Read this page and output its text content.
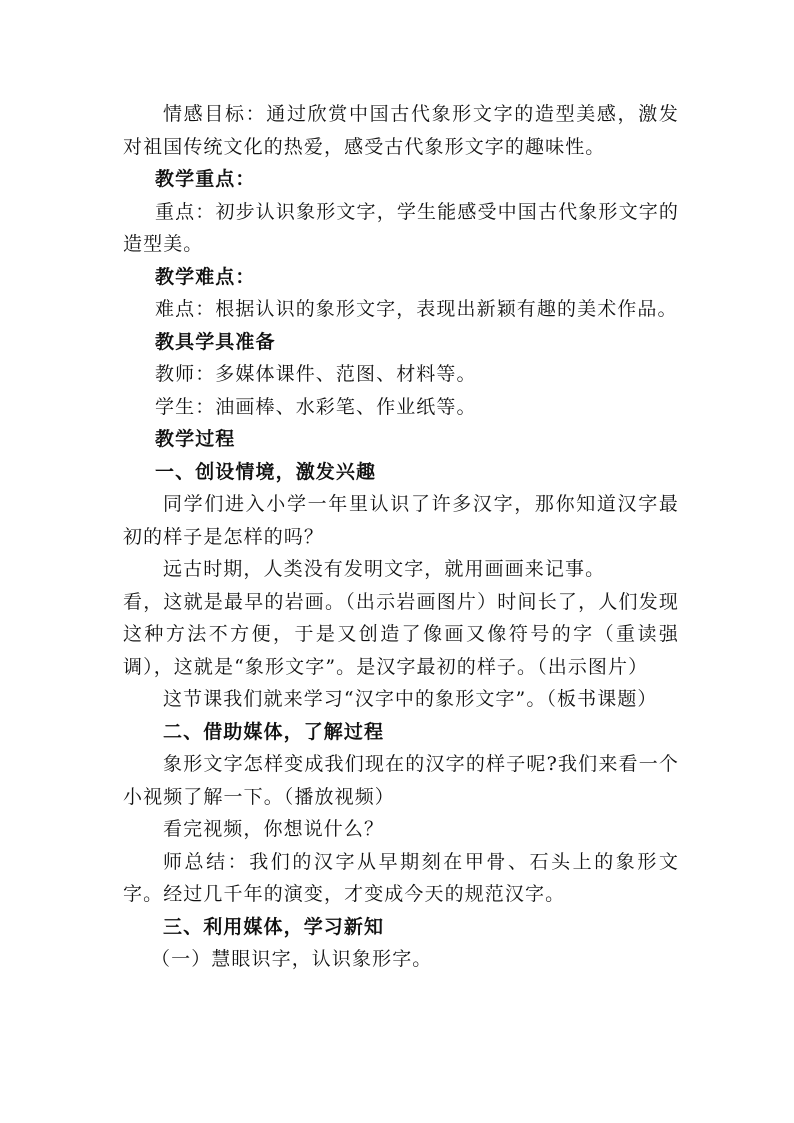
情感目标：通过欣赏中国古代象形文字的造型美感，激发对祖国传统文化的热爱，感受古代象形文字的趣味性。

教学重点：

重点：初步认识象形文字，学生能感受中国古代象形文字的造型美。

教学难点：

难点：根据认识的象形文字，表现出新颖有趣的美术作品。

教具学具准备

教师：多媒体课件、范图、材料等。

学生：油画棒、水彩笔、作业纸等。

教学过程

一、创设情境，激发兴趣

同学们进入小学一年里认识了许多汉字，那你知道汉字最初的样子是怎样的吗？

远古时期，人类没有发明文字，就用画画来记事。

看，这就是最早的岩画。（出示岩画图片）时间长了，人们发现这种方法不方便，于是又创造了像画又像符号的字（重读强调），这就是“象形文字”。是汉字最初的样子。（出示图片）

这节课我们就来学习“汉字中的象形文字”。（板书课题）

二、借助媒体，了解过程

象形文字怎样变成我们现在的汉字的样子呢?我们来看一个小视频了解一下。（播放视频）

看完视频，你想说什么？

师总结：我们的汉字从早期刻在甲骨、石头上的象形文字。经过几千年的演变，才变成今天的规范汉字。

三、利用媒体，学习新知

（一）慧眼识字，认识象形字。
